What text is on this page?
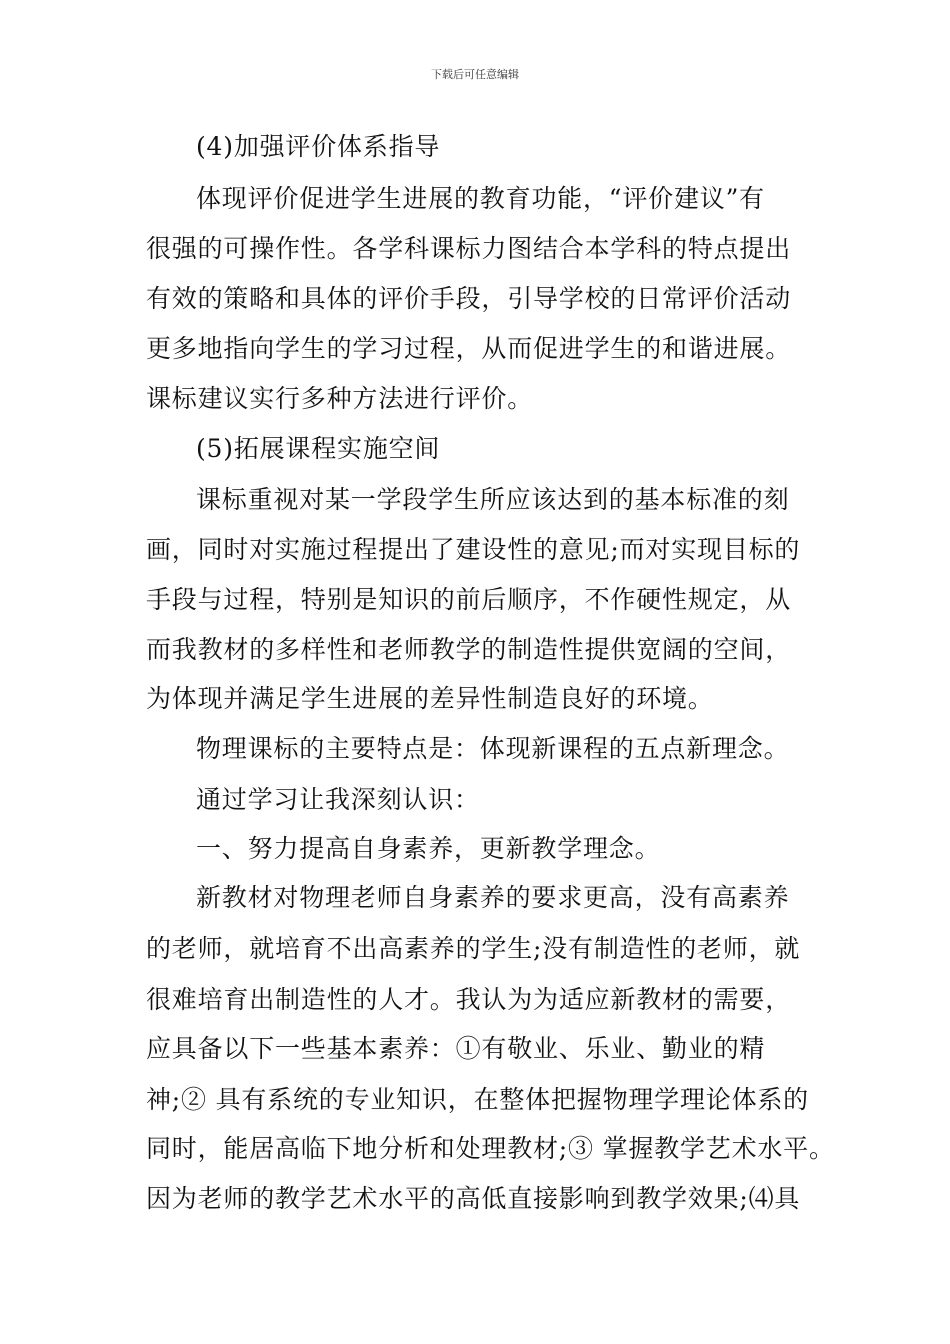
下载后可任意编辑
(4)加强评价体系指导
体现评价促进学生进展的教育功能，“评价建议”有
很强的可操作性。各学科课标力图结合本学科的特点提出
有效的策略和具体的评价手段，引导学校的日常评价活动
更多地指向学生的学习过程，从而促进学生的和谐进展。
课标建议实行多种方法进行评价。
(5)拓展课程实施空间
课标重视对某一学段学生所应该达到的基本标准的刻
画，同时对实施过程提出了建设性的意见;而对实现目标的
手段与过程，特别是知识的前后顺序，不作硬性规定，从
而我教材的多样性和老师教学的制造性提供宽阔的空间，
为体现并满足学生进展的差异性制造良好的环境。
物理课标的主要特点是：体现新课程的五点新理念。
通过学习让我深刻认识：
一、努力提高自身素养，更新教学理念。
新教材对物理老师自身素养的要求更高，没有高素养
的老师，就培育不出高素养的学生;没有制造性的老师，就
很难培育出制造性的人才。我认为为适应新教材的需要，
应具备以下一些基本素养：①有敬业、乐业、勤业的精
神;② 具有系统的专业知识，在整体把握物理学理论体系的
同时，能居高临下地分析和处理教材;③ 掌握教学艺术水平。
因为老师的教学艺术水平的高低直接影响到教学效果;⑷具
